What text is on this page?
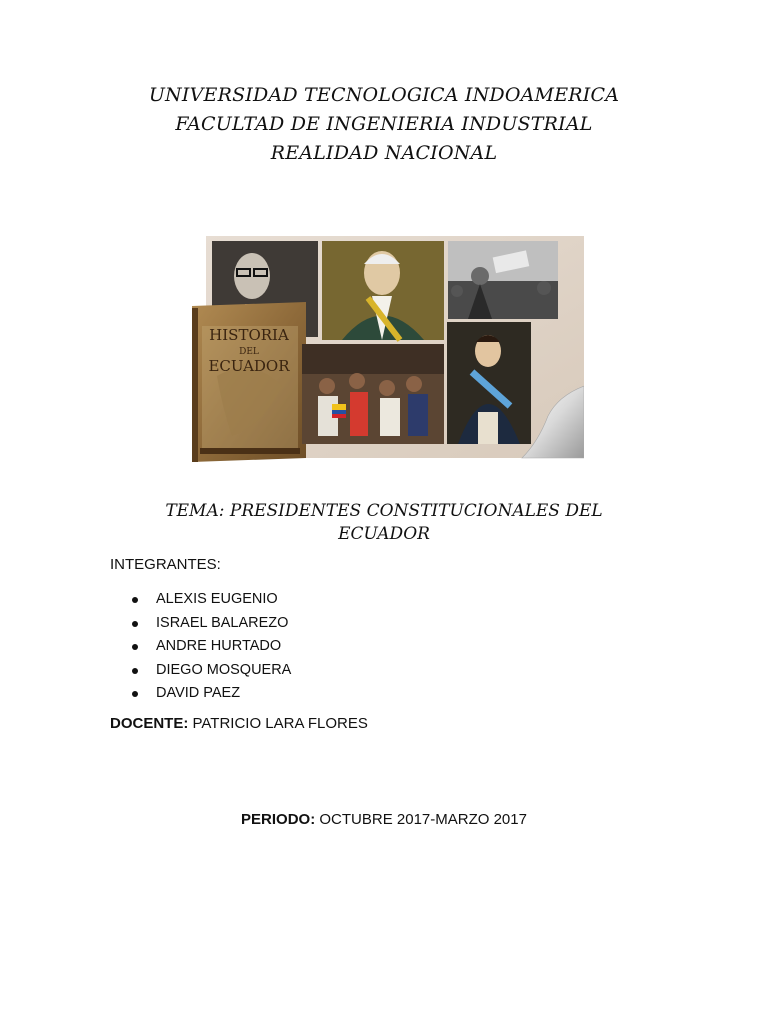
UNIVERSIDAD TECNOLOGICA INDOAMERICA
FACULTAD DE INGENIERIA INDUSTRIAL
REALIDAD NACIONAL
HISTORIA
DEL
ECUADOR
TEMA: PRESIDENTES CONSTITUCIONALES DEL
ECUADOR
INTEGRANTES:
ALEXIS EUGENIO
ISRAEL BALAREZO
ANDRE HURTADO
DIEGO MOSQUERA
DAVID PAEZ
DOCENTE: PATRICIO LARA FLORES
PERIODO: OCTUBRE 2017-MARZO 2017
